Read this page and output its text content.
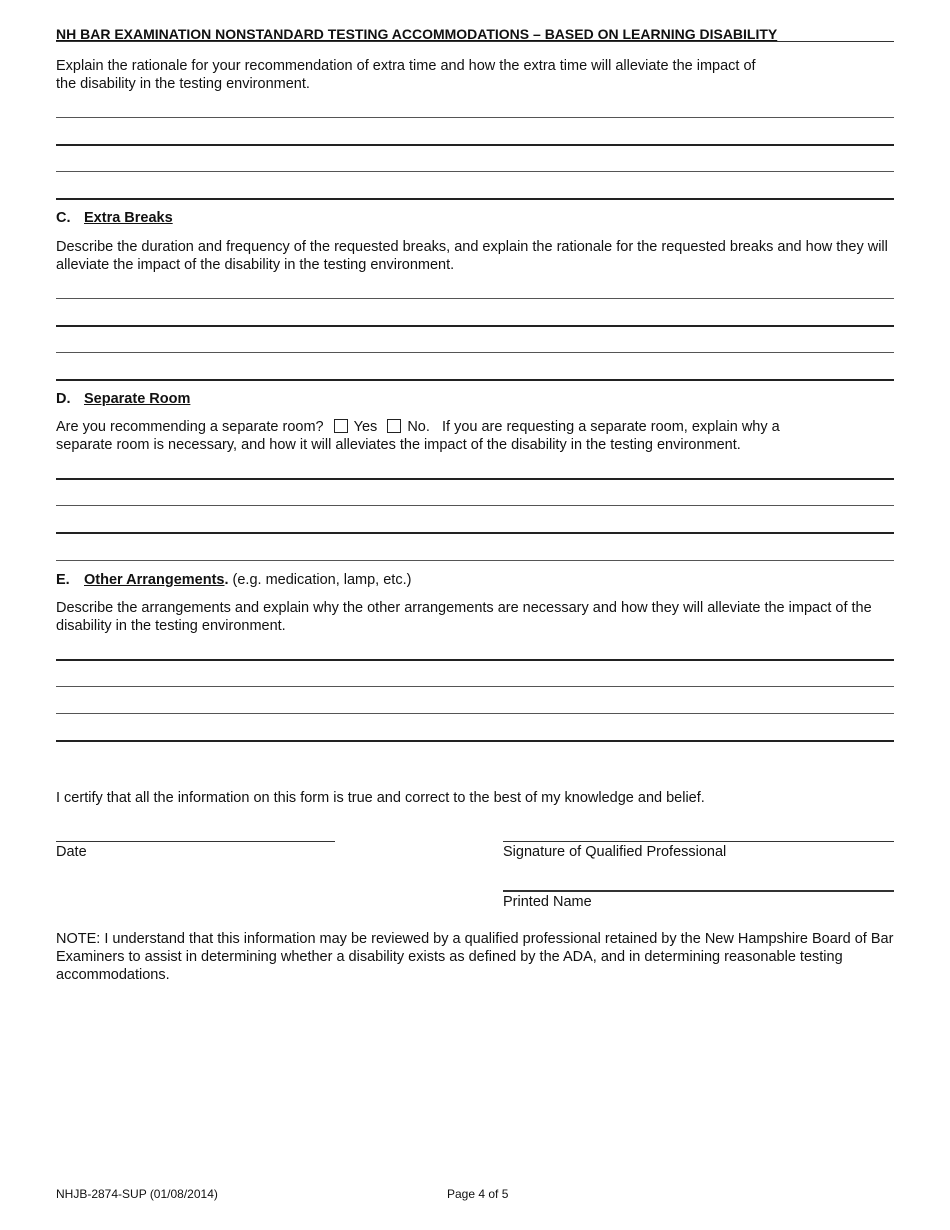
NH BAR EXAMINATION NONSTANDARD TESTING ACCOMMODATIONS – BASED ON LEARNING DISABILITY
Explain the rationale for your recommendation of extra time and how the extra time will alleviate the impact of
the disability in the testing environment.
C. Extra Breaks
Describe the duration and frequency of the requested breaks, and explain the rationale for the requested breaks and how they will alleviate the impact of the disability in the testing environment.
D. Separate Room
Are you recommending a separate room? Yes No. If you are requesting a separate room, explain why a
separate room is necessary, and how it will alleviates the impact of the disability in the testing environment.
E. Other Arrangements. (e.g. medication, lamp, etc.)
Describe the arrangements and explain why the other arrangements are necessary and how they will alleviate the impact of the disability in the testing environment.
I certify that all the information on this form is true and correct to the best of my knowledge and belief.
Date	Signature of Qualified Professional
Printed Name
NOTE: I understand that this information may be reviewed by a qualified professional retained by the New Hampshire Board of Bar Examiners to assist in determining whether a disability exists as defined by the ADA, and in determining reasonable testing accommodations.
NHJB-2874-SUP (01/08/2014)	Page 4 of 5
